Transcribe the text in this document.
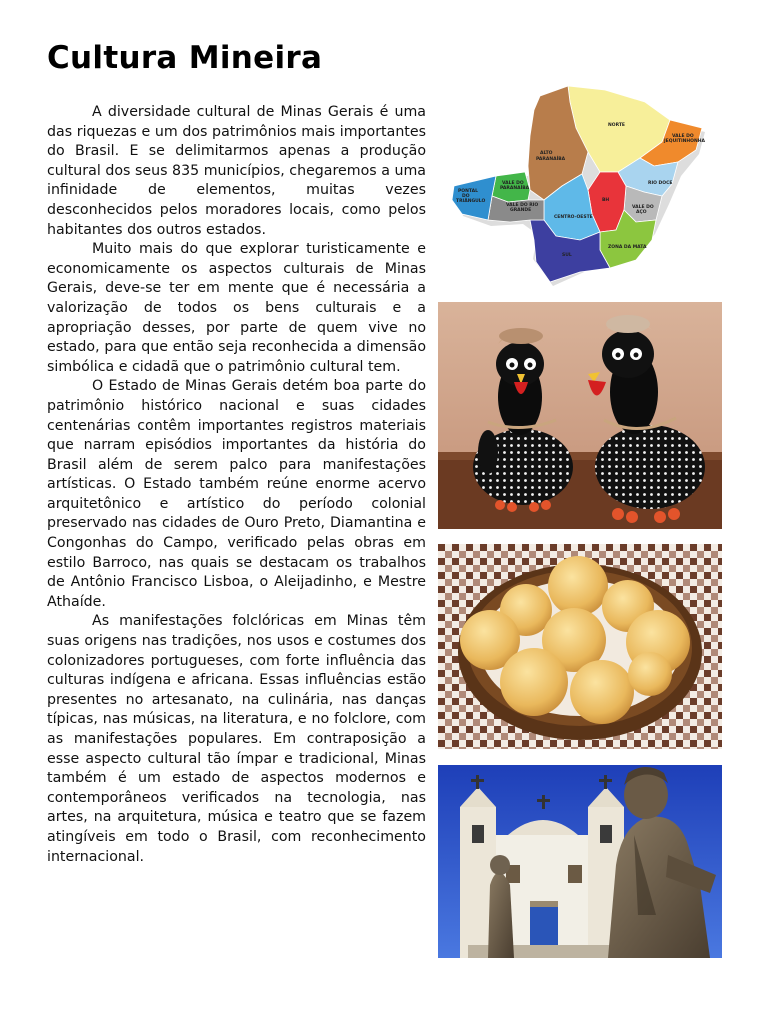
Cultura Mineira

A diversidade cultural de Minas Gerais é uma das riquezas e um dos patrimônios mais importantes do Brasil. E se delimitarmos apenas a produção cultural dos seus 835 municípios, chegaremos a uma infinidade de elementos, muitas vezes desconhecidos pelos moradores locais, como pelos habitantes dos outros estados.

Muito mais do que explorar turisticamente e economicamente os aspectos culturais de Minas Gerais, deve-se ter em mente que é necessária a valorização de todos os bens culturais e a apropriação desses, por parte de quem vive no estado, para que então seja reconhecida a dimensão simbólica e cidadã que o patrimônio cultural tem.

O Estado de Minas Gerais detém boa parte do patrimônio histórico nacional e suas cidades centenárias contêm importantes registros materiais que narram episódios importantes da história do Brasil além de serem palco para manifestações artísticas. O Estado também reúne enorme acervo arquitetônico e artístico do período colonial preservado nas cidades de Ouro Preto, Diamantina e Congonhas do Campo, verificado pelas obras em estilo Barroco, nas quais se destacam os trabalhos de Antônio Francisco Lisboa, o Aleijadinho, e Mestre Athaíde.

As manifestações folclóricas em Minas têm suas origens nas tradições, nos usos e costumes dos colonizadores portugueses, com forte influência das culturas indígena e africana. Essas influências estão presentes no artesanato, na culinária, nas danças típicas, nas músicas, na literatura, e no folclore, com as manifestações populares. Em contraposição a esse aspecto cultural tão ímpar e tradicional, Minas também é um estado de aspectos modernos e contemporâneos verificados na tecnologia, nas artes, na arquitetura, música e teatro que se fazem atingíveis em todo o Brasil, com reconhecimento internacional.

NORTE
ALTO
PARANAÍBA
VALE DO
JEQUITINHONHA
RIO DOCE
VALE DO
AÇO
BH
CENTRO-OESTE
ZONA DA MATA
SUL
VALE DO
PARANAÍBA
VALE DO RIO
GRANDE
PONTAL
DO
TRIÂNGULO
